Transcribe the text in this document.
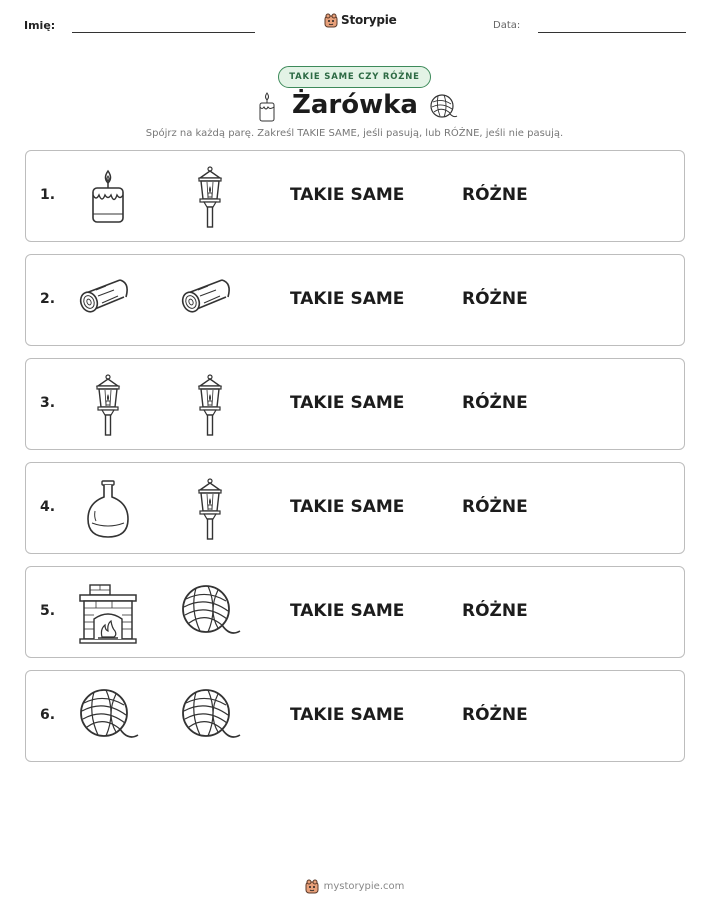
Imię:	Storypie	Data:
TAKIE SAME CZY RÓŻNE
Żarówka
Spójrz na każdą parę. Zakreśl TAKIE SAME, jeśli pasują, lub RÓŻNE, jeśli nie pasują.
1.	TAKIE SAME	RÓŻNE
2.	TAKIE SAME	RÓŻNE
3.	TAKIE SAME	RÓŻNE
4.	TAKIE SAME	RÓŻNE
5.	TAKIE SAME	RÓŻNE
6.	TAKIE SAME	RÓŻNE
mystorypie.com
